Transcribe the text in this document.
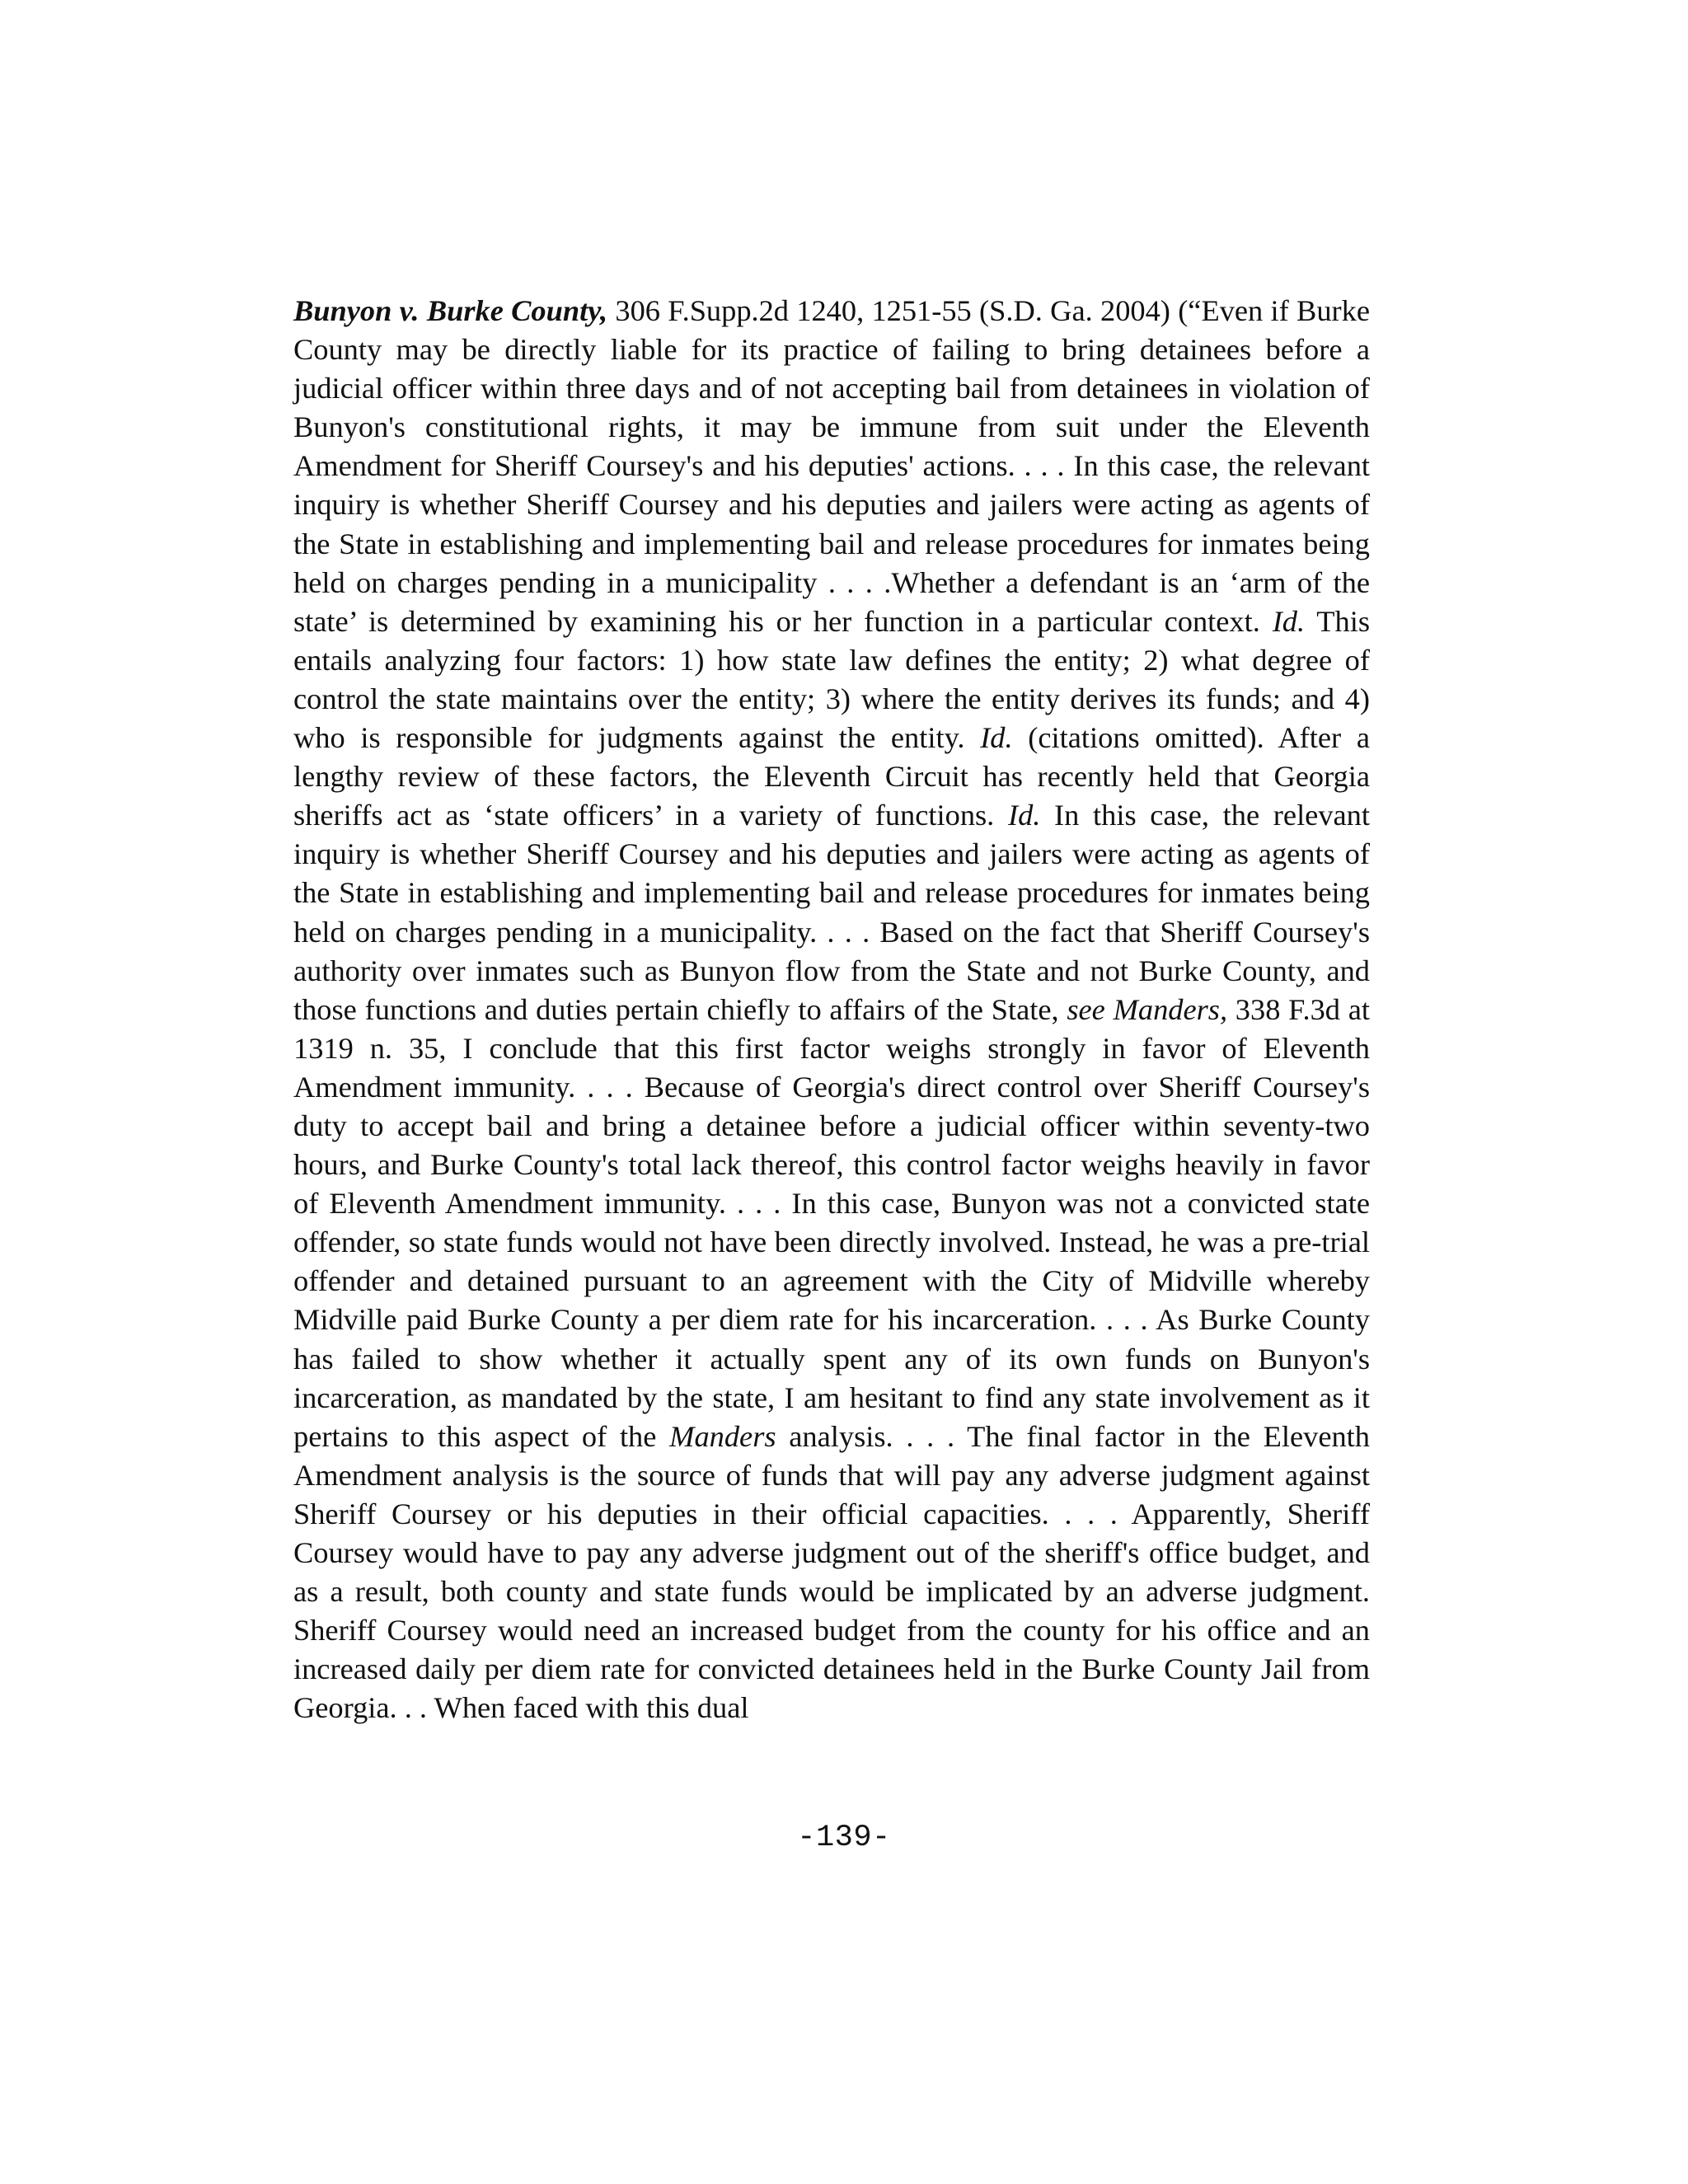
Bunyon v. Burke County, 306 F.Supp.2d 1240, 1251-55 (S.D. Ga. 2004) (“Even if Burke County may be directly liable for its practice of failing to bring detainees before a judicial officer within three days and of not accepting bail from detainees in violation of Bunyon's constitutional rights, it may be immune from suit under the Eleventh Amendment for Sheriff Coursey's and his deputies' actions. . . . In this case, the relevant inquiry is whether Sheriff Coursey and his deputies and jailers were acting as agents of the State in establishing and implementing bail and release procedures for inmates being held on charges pending in a municipality . . . .Whether a defendant is an ‘arm of the state’ is determined by examining his or her function in a particular context. Id. This entails analyzing four factors: 1) how state law defines the entity; 2) what degree of control the state maintains over the entity; 3) where the entity derives its funds; and 4) who is responsible for judgments against the entity. Id. (citations omitted). After a lengthy review of these factors, the Eleventh Circuit has recently held that Georgia sheriffs act as ‘state officers’ in a variety of functions. Id. In this case, the relevant inquiry is whether Sheriff Coursey and his deputies and jailers were acting as agents of the State in establishing and implementing bail and release procedures for inmates being held on charges pending in a municipality. . . . Based on the fact that Sheriff Coursey's authority over inmates such as Bunyon flow from the State and not Burke County, and those functions and duties pertain chiefly to affairs of the State, see Manders, 338 F.3d at 1319 n. 35, I conclude that this first factor weighs strongly in favor of Eleventh Amendment immunity. . . . Because of Georgia's direct control over Sheriff Coursey's duty to accept bail and bring a detainee before a judicial officer within seventy-two hours, and Burke County's total lack thereof, this control factor weighs heavily in favor of Eleventh Amendment immunity. . . . In this case, Bunyon was not a convicted state offender, so state funds would not have been directly involved. Instead, he was a pre-trial offender and detained pursuant to an agreement with the City of Midville whereby Midville paid Burke County a per diem rate for his incarceration. . . . As Burke County has failed to show whether it actually spent any of its own funds on Bunyon's incarceration, as mandated by the state, I am hesitant to find any state involvement as it pertains to this aspect of the Manders analysis. . . . The final factor in the Eleventh Amendment analysis is the source of funds that will pay any adverse judgment against Sheriff Coursey or his deputies in their official capacities. . . . Apparently, Sheriff Coursey would have to pay any adverse judgment out of the sheriff's office budget, and as a result, both county and state funds would be implicated by an adverse judgment. Sheriff Coursey would need an increased budget from the county for his office and an increased daily per diem rate for convicted detainees held in the Burke County Jail from Georgia. . . When faced with this dual

-139-
